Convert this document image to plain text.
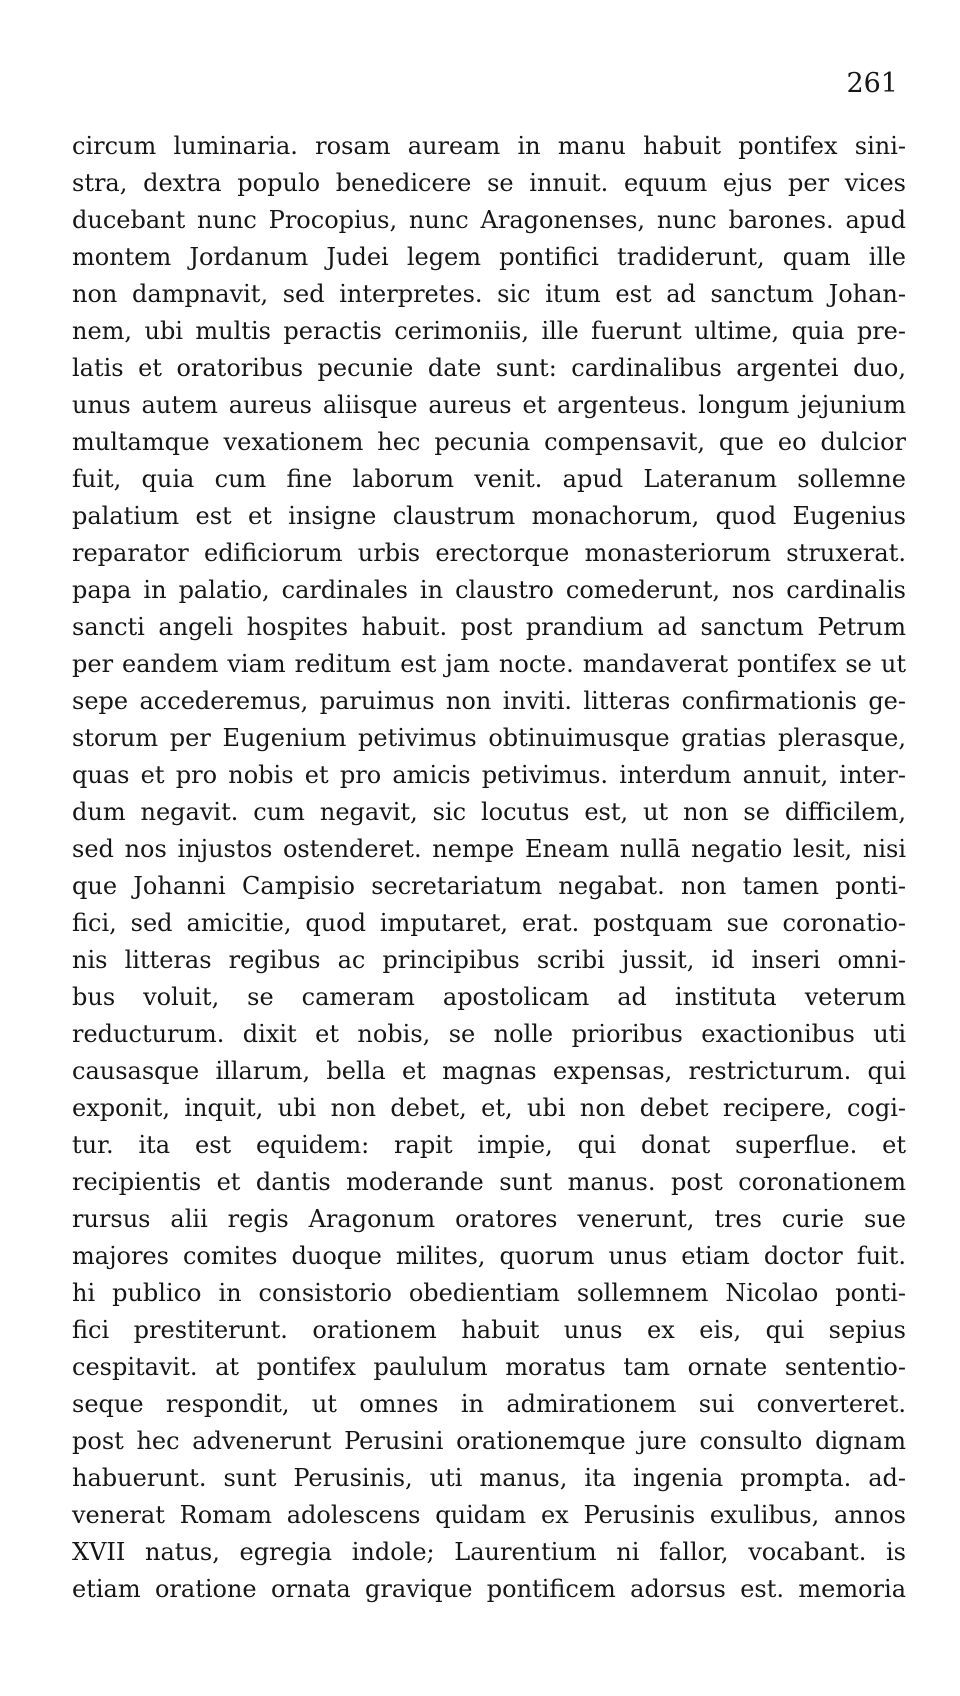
261
circum luminaria. rosam auream in manu habuit pontifex sini-
stra, dextra populo benedicere se innuit. equum ejus per vices
ducebant nunc Procopius, nunc Aragonenses, nunc barones. apud
montem Jordanum Judei legem pontifici tradiderunt, quam ille
non dampnavit, sed interpretes. sic itum est ad sanctum Johan-
nem, ubi multis peractis cerimoniis, ille fuerunt ultime, quia pre-
latis et oratoribus pecunie date sunt: cardinalibus argentei duo,
unus autem aureus aliisque aureus et argenteus. longum jejunium
multamque vexationem hec pecunia compensavit, que eo dulcior
fuit, quia cum fine laborum venit. apud Lateranum sollemne
palatium est et insigne claustrum monachorum, quod Eugenius
reparator edificiorum urbis erectorque monasteriorum struxerat.
papa in palatio, cardinales in claustro comederunt, nos cardinalis
sancti angeli hospites habuit. post prandium ad sanctum Petrum
per eandem viam reditum est jam nocte. mandaverat pontifex se ut
sepe accederemus, paruimus non inviti. litteras confirmationis ge-
storum per Eugenium petivimus obtinuimusque gratias plerasque,
quas et pro nobis et pro amicis petivimus. interdum annuit, inter-
dum negavit. cum negavit, sic locutus est, ut non se difficilem,
sed nos injustos ostenderet. nempe Eneam nullā negatio lesit, nisi
que Johanni Campisio secretariatum negabat. non tamen ponti-
fici, sed amicitie, quod imputaret, erat. postquam sue coronatio-
nis litteras regibus ac principibus scribi jussit, id inseri omni-
bus voluit, se cameram apostolicam ad instituta veterum
reducturum. dixit et nobis, se nolle prioribus exactionibus uti
causasque illarum, bella et magnas expensas, restricturum. qui
exponit, inquit, ubi non debet, et, ubi non debet recipere, cogi-
tur. ita est equidem: rapit impie, qui donat superflue. et
recipientis et dantis moderande sunt manus. post coronationem
rursus alii regis Aragonum oratores venerunt, tres curie sue
majores comites duoque milites, quorum unus etiam doctor fuit.
hi publico in consistorio obedientiam sollemnem Nicolao ponti-
fici prestiterunt. orationem habuit unus ex eis, qui sepius
cespitavit. at pontifex paululum moratus tam ornate sententio-
seque respondit, ut omnes in admirationem sui converteret.
post hec advenerunt Perusini orationemque jure consulto dignam
habuerunt. sunt Perusinis, uti manus, ita ingenia prompta. ad-
venerat Romam adolescens quidam ex Perusinis exulibus, annos
XVII natus, egregia indole; Laurentium ni fallor, vocabant. is
etiam oratione ornata gravique pontificem adorsus est. memoria
